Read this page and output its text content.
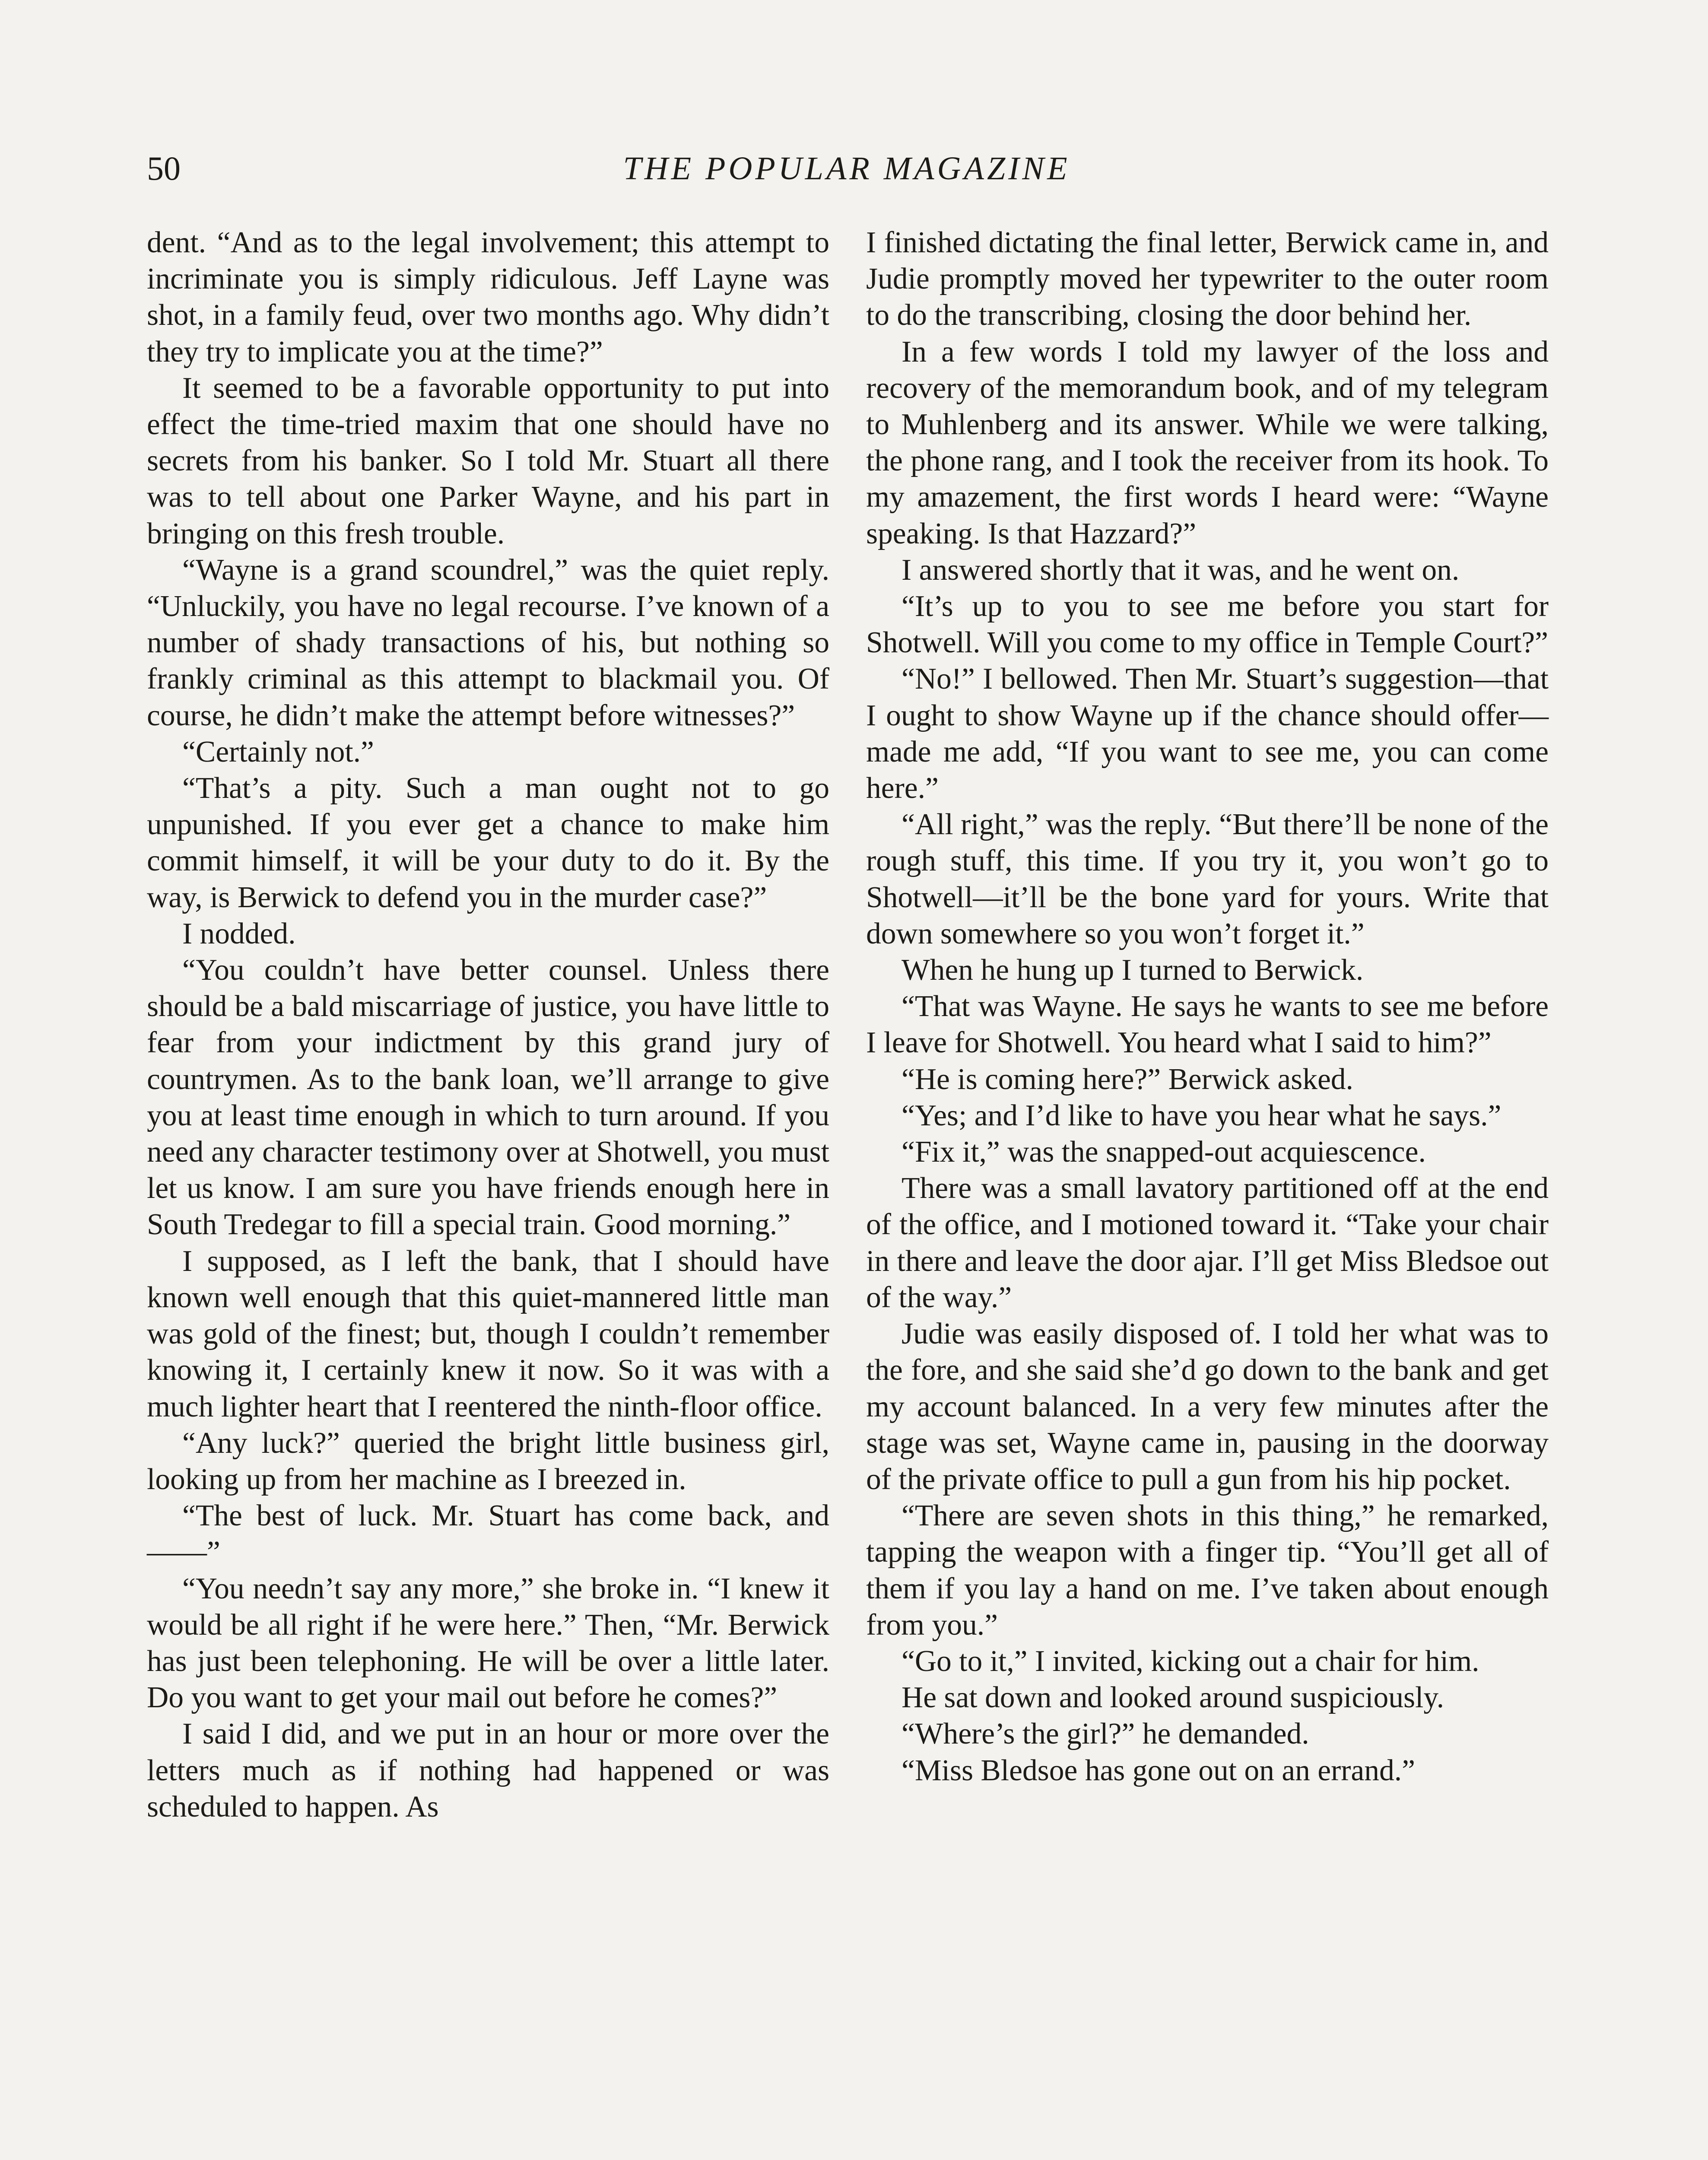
50	THE POPULAR MAGAZINE

dent. “And as to the legal involvement; this attempt to incriminate you is simply ridiculous. Jeff Layne was shot, in a family feud, over two months ago. Why didn’t they try to implicate you at the time?”

It seemed to be a favorable opportunity to put into effect the time-tried maxim that one should have no secrets from his banker. So I told Mr. Stuart all there was to tell about one Parker Wayne, and his part in bringing on this fresh trouble.

“Wayne is a grand scoundrel,” was the quiet reply. “Unluckily, you have no legal recourse. I’ve known of a number of shady transactions of his, but nothing so frankly criminal as this attempt to blackmail you. Of course, he didn’t make the attempt before witnesses?”

“Certainly not.”

“That’s a pity. Such a man ought not to go unpunished. If you ever get a chance to make him commit himself, it will be your duty to do it. By the way, is Berwick to defend you in the murder case?”

I nodded.

“You couldn’t have better counsel. Unless there should be a bald miscarriage of justice, you have little to fear from your indictment by this grand jury of countrymen. As to the bank loan, we’ll arrange to give you at least time enough in which to turn around. If you need any character testimony over at Shotwell, you must let us know. I am sure you have friends enough here in South Tredegar to fill a special train. Good morning.”

I supposed, as I left the bank, that I should have known well enough that this quiet-mannered little man was gold of the finest; but, though I couldn’t remember knowing it, I certainly knew it now. So it was with a much lighter heart that I reentered the ninth-floor office.

“Any luck?” queried the bright little business girl, looking up from her machine as I breezed in.

“The best of luck. Mr. Stuart has come back, and——”

“You needn’t say any more,” she broke in. “I knew it would be all right if he were here.” Then, “Mr. Berwick has just been telephoning. He will be over a little later. Do you want to get your mail out before he comes?”

I said I did, and we put in an hour or more over the letters much as if nothing had happened or was scheduled to happen. As

I finished dictating the final letter, Berwick came in, and Judie promptly moved her typewriter to the outer room to do the transcribing, closing the door behind her.

In a few words I told my lawyer of the loss and recovery of the memorandum book, and of my telegram to Muhlenberg and its answer. While we were talking, the phone rang, and I took the receiver from its hook. To my amazement, the first words I heard were: “Wayne speaking. Is that Hazzard?”

I answered shortly that it was, and he went on.

“It’s up to you to see me before you start for Shotwell. Will you come to my office in Temple Court?”

“No!” I bellowed. Then Mr. Stuart’s suggestion—that I ought to show Wayne up if the chance should offer—made me add, “If you want to see me, you can come here.”

“All right,” was the reply. “But there’ll be none of the rough stuff, this time. If you try it, you won’t go to Shotwell—it’ll be the bone yard for yours. Write that down somewhere so you won’t forget it.”

When he hung up I turned to Berwick.

“That was Wayne. He says he wants to see me before I leave for Shotwell. You heard what I said to him?”

“He is coming here?” Berwick asked.

“Yes; and I’d like to have you hear what he says.”

“Fix it,” was the snapped-out acquiescence.

There was a small lavatory partitioned off at the end of the office, and I motioned toward it. “Take your chair in there and leave the door ajar. I’ll get Miss Bledsoe out of the way.”

Judie was easily disposed of. I told her what was to the fore, and she said she’d go down to the bank and get my account balanced. In a very few minutes after the stage was set, Wayne came in, pausing in the doorway of the private office to pull a gun from his hip pocket.

“There are seven shots in this thing,” he remarked, tapping the weapon with a finger tip. “You’ll get all of them if you lay a hand on me. I’ve taken about enough from you.”

“Go to it,” I invited, kicking out a chair for him.

He sat down and looked around suspiciously.

“Where’s the girl?” he demanded.

“Miss Bledsoe has gone out on an errand.”
